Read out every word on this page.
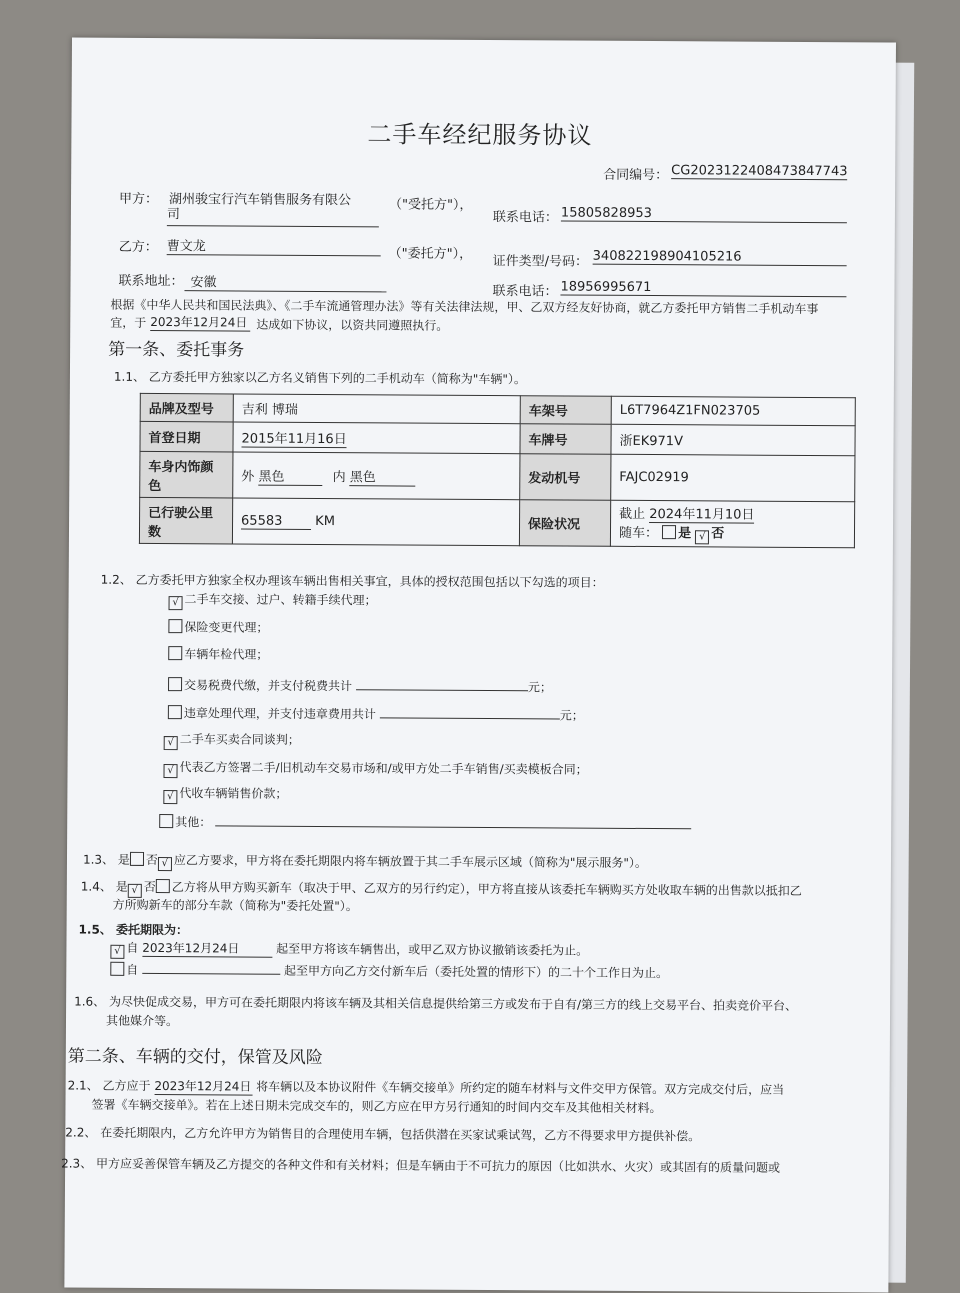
二手车经纪服务协议
合同编号： CG2023122408473847743
甲方： 湖州骏宝行汽车销售服务有限公
司
（"受托方"），
联系电话： 15805828953
乙方： 曹文龙	（"委托方"）， 证件类型/号码： 340822198904105216
联系地址： 安徽
联系电话： 18956995671
根据《中华人民共和国民法典》、《二手车流通管理办法》等有关法律法规，甲、乙双方经友好协商，就乙方委托甲方销售二手机动车事
宜，于 2023年12月24日 达成如下协议，以资共同遵照执行。
第一条、委托事务
1.1、 乙方委托甲方独家以乙方名义销售下列的二手机动车（简称为"车辆"）。
品牌及型号	吉利 博瑞	车架号	L6T7964Z1FN023705
首登日期	2015年11月16日	车牌号	浙EK971V
车身内饰颜色	外 黑色 内 黑色	发动机号	FAJC02919
已行驶公里数	65583 KM	保险状况	截止 2024年11月10日
随车： 是 √ 否
1.2、 乙方委托甲方独家全权办理该车辆出售相关事宜，具体的授权范围包括以下勾选的项目：
√ 二手车交接、过户、转籍手续代理；
保险变更代理；
车辆年检代理；
交易税费代缴，并支付税费共计	元；
违章处理代理，并支付违章费用共计	元；
√ 二手车买卖合同谈判；
√ 代表乙方签署二手/旧机动车交易市场和/或甲方处二手车销售/买卖模板合同；
√ 代收车辆销售价款；
其他：
1.3、 是 否 √ 应乙方要求，甲方将在委托期限内将车辆放置于其二手车展示区域（简称为"展示服务"）。
1.4、 是 √ 否 乙方将从甲方购买新车（取决于甲、乙双方的另行约定），甲方将直接从该委托车辆购买方处收取车辆的出售款以抵扣乙
方所购新车的部分车款（简称为"委托处置"）。
1.5、 委托期限为：
√ 自 2023年12月24日	起至甲方将该车辆售出，或甲乙双方协议撤销该委托为止。
自	起至甲方向乙方交付新车后（委托处置的情形下）的二十个工作日为止。
1.6、 为尽快促成交易，甲方可在委托期限内将该车辆及其相关信息提供给第三方或发布于自有/第三方的线上交易平台、拍卖竞价平台、
其他媒介等。
第二条、车辆的交付，保管及风险
2.1、 乙方应于 2023年12月24日 将车辆以及本协议附件《车辆交接单》所约定的随车材料与文件交甲方保管。双方完成交付后，应当
签署《车辆交接单》。若在上述日期未完成交车的，则乙方应在甲方另行通知的时间内交车及其他相关材料。
2.2、 在委托期限内，乙方允许甲方为销售目的合理使用车辆，包括供潜在买家试乘试驾，乙方不得要求甲方提供补偿。
2.3、 甲方应妥善保管车辆及乙方提交的各种文件和有关材料；但是车辆由于不可抗力的原因（比如洪水、火灾）或其固有的质量问题或
